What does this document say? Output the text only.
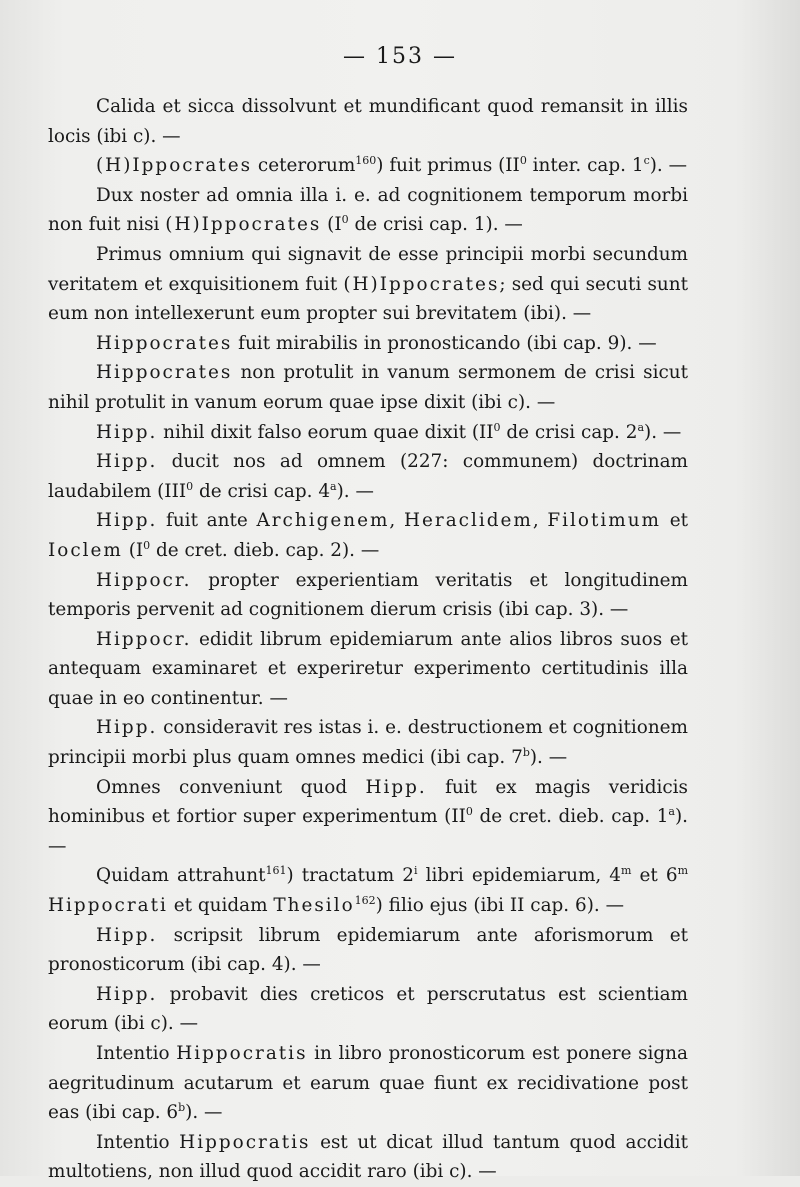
— 153 —

Calida et sicca dissolvunt et mundificant quod remansit in illis locis (ibi c). —

(H)Ippocrates ceterorum$^{160}$) fuit primus ($II^0$ inter. cap. 1$^c$). —

Dux noster ad omnia illa i. e. ad cognitionem temporum morbi non fuit nisi (H)Ippocrates ($I^0$ de crisi cap. 1). —

Primus omnium qui signavit de esse principii morbi secundum veritatem et exquisitionem fuit (H)Ippocrates; sed qui secuti sunt eum non intellexerunt eum propter sui brevitatem (ibi). —

Hippocrates fuit mirabilis in pronosticando (ibi cap. 9). —

Hippocrates non protulit in vanum sermonem de crisi sicut nihil protulit in vanum eorum quae ipse dixit (ibi c). —

Hipp. nihil dixit falso eorum quae dixit ($II^0$ de crisi cap. 2$^a$). —

Hipp. ducit nos ad omnem (227: communem) doctrinam laudabilem (III$^0$ de crisi cap. 4$^a$). —

Hipp. fuit ante Archigenem, Heraclidem, Filotimum et Ioclem ($I^0$ de cret. dieb. cap. 2). —

Hippocr. propter experientiam veritatis et longitudinem temporis pervenit ad cognitionem dierum crisis (ibi cap. 3). —

Hippocr. edidit librum epidemiarum ante alios libros suos et antequam examinaret et experiretur experimento certitudinis illa quae in eo continentur. —

Hipp. consideravit res istas i. e. destructionem et cognitionem principii morbi plus quam omnes medici (ibi cap. 7$^b$). —

Omnes conveniunt quod Hipp. fuit ex magis veridicis hominibus et fortior super experimentum ($II^0$ de cret. dieb. cap. 1$^a$). —

Quidam attrahunt$^{161}$) tractatum 2$^i$ libri epidemiarum, 4$^m$ et 6$^m$ Hippocrati et quidam Thesilo$^{162}$) filio ejus (ibi II cap. 6). —

Hipp. scripsit librum epidemiarum ante aforismorum et pronosticorum (ibi cap. 4). —

Hipp. probavit dies creticos et perscrutatus est scientiam eorum (ibi c). —

Intentio Hippocratis in libro pronosticorum est ponere signa aegritudinum acutarum et earum quae fiunt ex recidivatione post eas (ibi cap. 6$^b$). —

Intentio Hippocratis est ut dicat illud tantum quod accidit multotiens, non illud quod accidit raro (ibi c). —
